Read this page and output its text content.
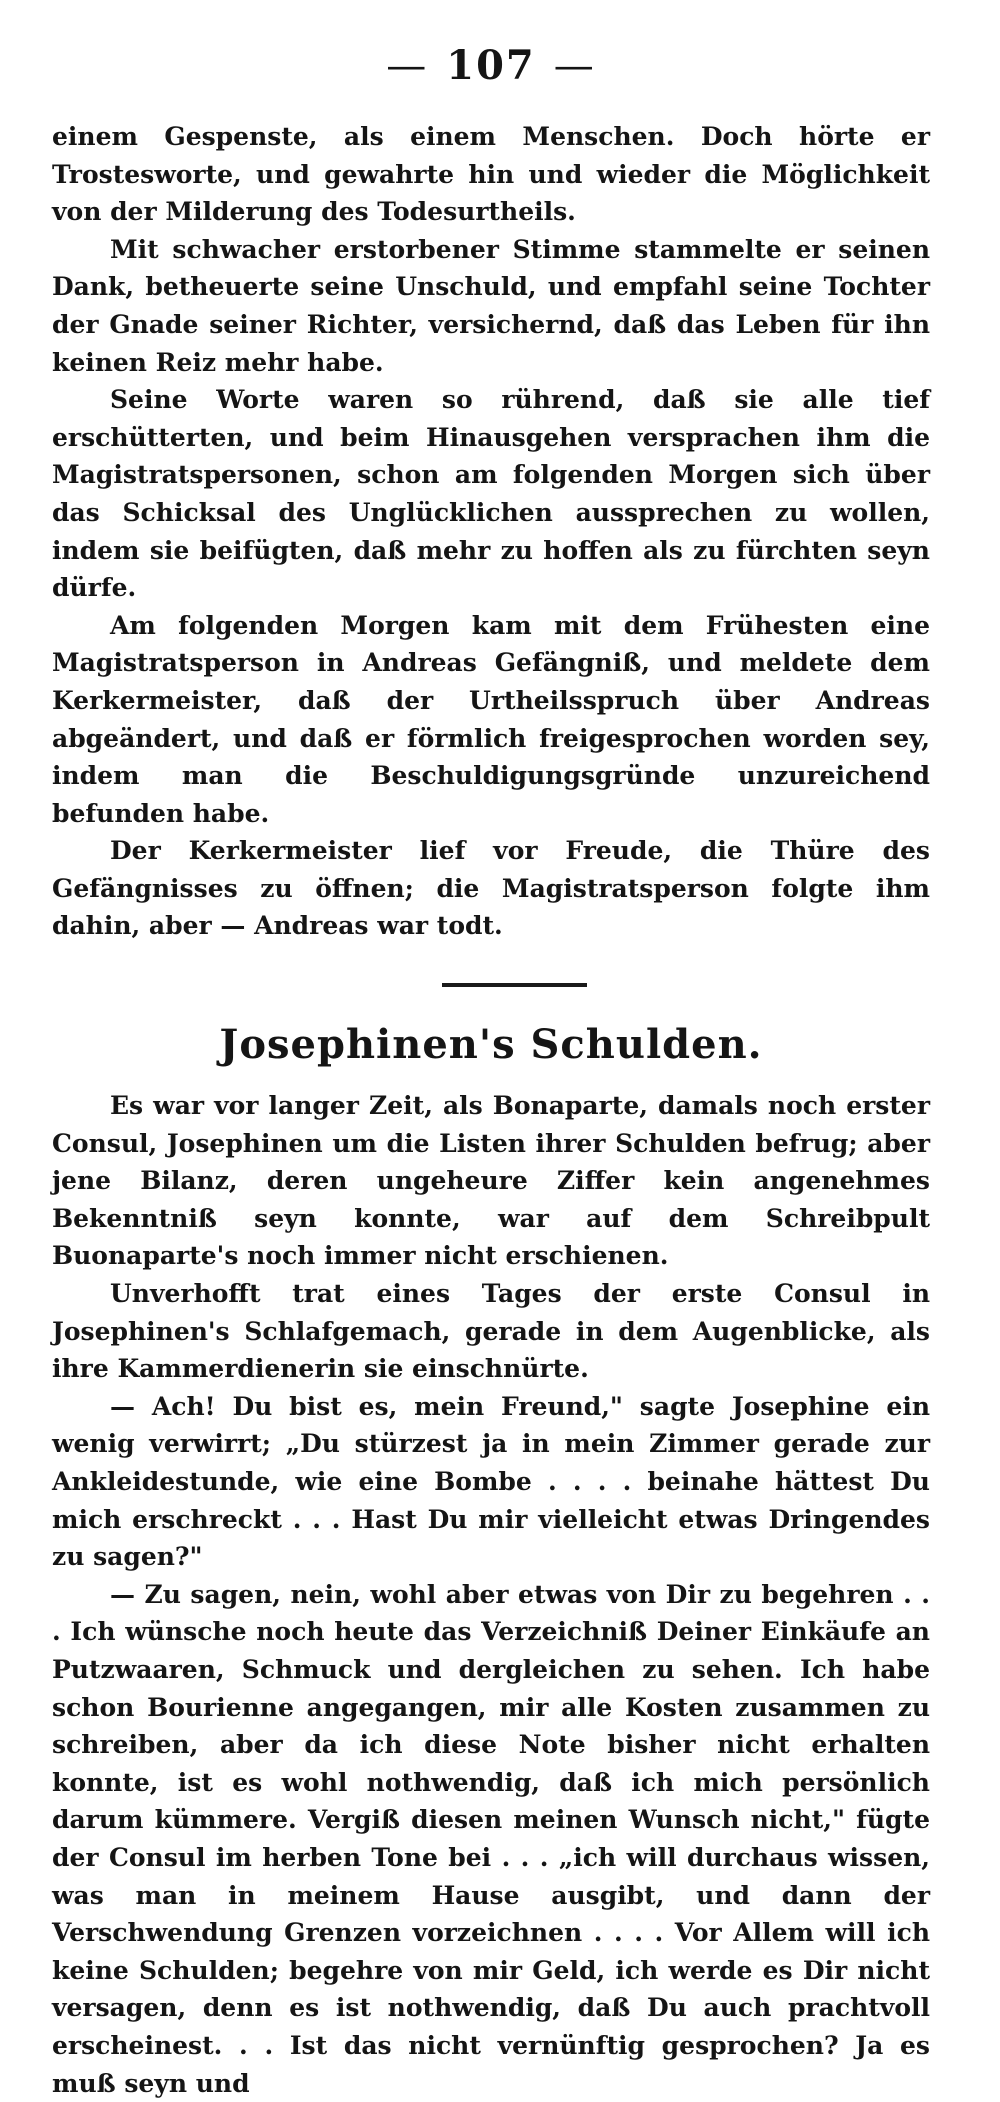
— 107 —

einem Gespenste, als einem Menschen. Doch hörte er Trostesworte, und gewahrte hin und wieder die Möglichkeit von der Milderung des Todesurtheils.

Mit schwacher erstorbener Stimme stammelte er seinen Dank, betheuerte seine Unschuld, und empfahl seine Tochter der Gnade seiner Richter, versichernd, daß das Leben für ihn keinen Reiz mehr habe.

Seine Worte waren so rührend, daß sie alle tief erschütterten, und beim Hinausgehen versprachen ihm die Magistratspersonen, schon am folgenden Morgen sich über das Schicksal des Unglücklichen aussprechen zu wollen, indem sie beifügten, daß mehr zu hoffen als zu fürchten seyn dürfe.

Am folgenden Morgen kam mit dem Frühesten eine Magistratsperson in Andreas Gefängniß, und meldete dem Kerkermeister, daß der Urtheilsspruch über Andreas abgeändert, und daß er förmlich freigesprochen worden sey, indem man die Beschuldigungsgründe unzureichend befunden habe.

Der Kerkermeister lief vor Freude, die Thüre des Gefängnisses zu öffnen; die Magistratsperson folgte ihm dahin, aber — Andreas war todt.

Josephinen's Schulden.

Es war vor langer Zeit, als Bonaparte, damals noch erster Consul, Josephinen um die Listen ihrer Schulden befrug; aber jene Bilanz, deren ungeheure Ziffer kein angenehmes Bekenntniß seyn konnte, war auf dem Schreibpult Buonaparte's noch immer nicht erschienen.

Unverhofft trat eines Tages der erste Consul in Josephinen's Schlafgemach, gerade in dem Augenblicke, als ihre Kammerdienerin sie einschnürte.

— Ach! Du bist es, mein Freund," sagte Josephine ein wenig verwirrt; „Du stürzest ja in mein Zimmer gerade zur Ankleidestunde, wie eine Bombe . . . . beinahe hättest Du mich erschreckt . . . Hast Du mir vielleicht etwas Dringendes zu sagen?"

— Zu sagen, nein, wohl aber etwas von Dir zu begehren . . . Ich wünsche noch heute das Verzeichniß Deiner Einkäufe an Putzwaaren, Schmuck und dergleichen zu sehen. Ich habe schon Bourienne angegangen, mir alle Kosten zusammen zu schreiben, aber da ich diese Note bisher nicht erhalten konnte, ist es wohl nothwendig, daß ich mich persönlich darum kümmere. Vergiß diesen meinen Wunsch nicht," fügte der Consul im herben Tone bei . . . „ich will durchaus wissen, was man in meinem Hause ausgibt, und dann der Verschwendung Grenzen vorzeichnen . . . . Vor Allem will ich keine Schulden; begehre von mir Geld, ich werde es Dir nicht versagen, denn es ist nothwendig, daß Du auch prachtvoll erscheinest. . . Ist das nicht vernünftig gesprochen? Ja es muß seyn und
